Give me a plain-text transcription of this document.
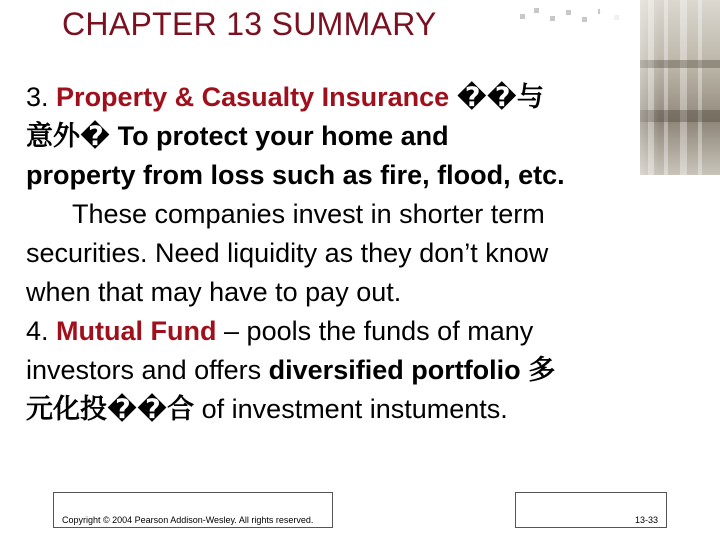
CHAPTER 13 SUMMARY
3. Property & Casualty Insurance ��与
意外� To protect your home and
property from loss such as fire, flood, etc.
These companies invest in shorter term
securities. Need liquidity as they don’t know
when that may have to pay out.
4. Mutual Fund – pools the funds of many
investors and offers diversified portfolio 多
元化投��合 of investment instuments.
Copyright © 2004 Pearson Addison-Wesley. All rights reserved.	13-33
